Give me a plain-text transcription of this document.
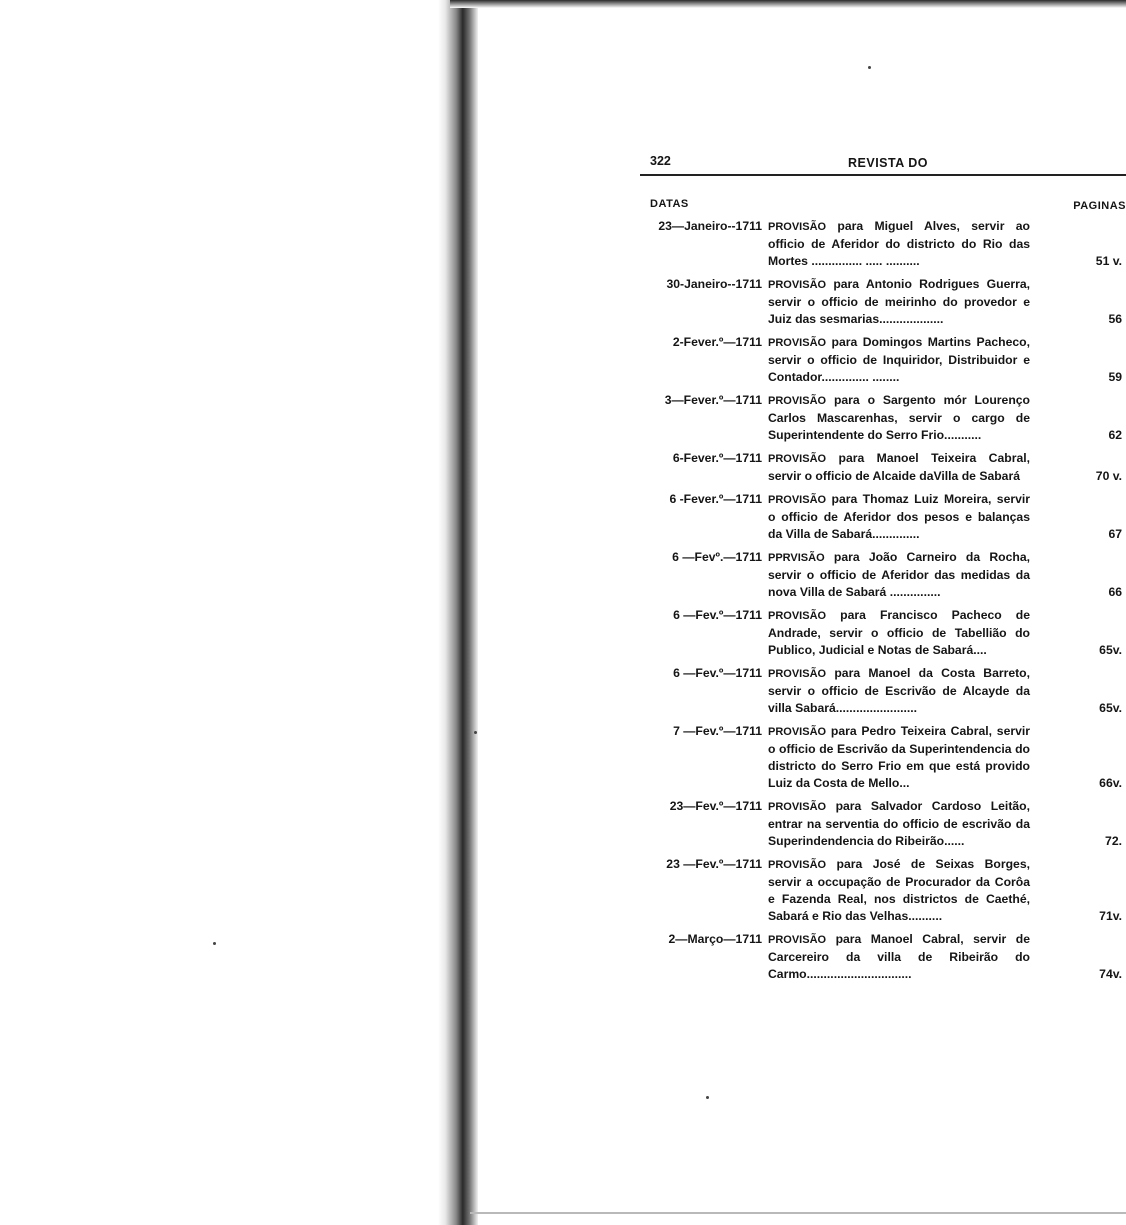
322	REVISTA DO
DATAS	PAGINAS
23—Janeiro--1711 PROVISÃO para Miguel Alves, servir ao officio de Aferidor do districto do Rio das Mortes ............... ..... ..........	51 v.
30-Janeiro--1711 PROVISÃO para Antonio Rodrigues Guerra, servir o officio de meirinho do provedor e Juiz das sesmarias...................	56
2-Fever.º—1711 PROVISÃO para Domingos Martins Pacheco, servir o officio de Inquiridor, Distribuidor e Contador.............. ........	59
3—Fever.º—1711 PROVISÃO para o Sargento mór Lourenço Carlos Mascarenhas, servir o cargo de Superintendente do Serro Frio...........	62
6-Fever.º—1711 PROVISÃO para Manoel Teixeira Cabral, servir o officio de Alcaide daVilla de Sabará	70 v.
6 -Fever.º—1711 PROVISÃO para Thomaz Luiz Moreira, servir o officio de Aferidor dos pesos e balanças da Villa de Sabará..............	67
6 —Fevº.—1711 PPRVISÃO para João Carneiro da Rocha, servir o officio de Aferidor das medidas da nova Villa de Sabará ...............	66
6 —Fev.º—1711 PROVISÃO para Francisco Pacheco de Andrade, servir o officio de Tabellião do Publico, Judicial e Notas de Sabará....	65v.
6 —Fev.º—1711 PROVISÃO para Manoel da Costa Barreto, servir o officio de Escrivão de Alcayde da villa Sabará........................	65v.
7 —Fev.º—1711 PROVISÃO para Pedro Teixeira Cabral, servir o officio de Escrivão da Superintendencia do districto do Serro Frio em que está provido Luiz da Costa de Mello...	66v.
23—Fev.º—1711 PROVISÃO para Salvador Cardoso Leitão, entrar na serventia do officio de escrivão da Superindendencia do Ribeirão......	72.
23 —Fev.º—1711 PROVISÃO para José de Seixas Borges, servir a occupação de Procurador da Corôa e Fazenda Real, nos districtos de Caethé, Sabará e Rio das Velhas..........	71v.
2—Março—1711 PROVISÃO para Manoel Cabral, servir de Carcereiro da villa de Ribeirão do Carmo...............................	74v.
